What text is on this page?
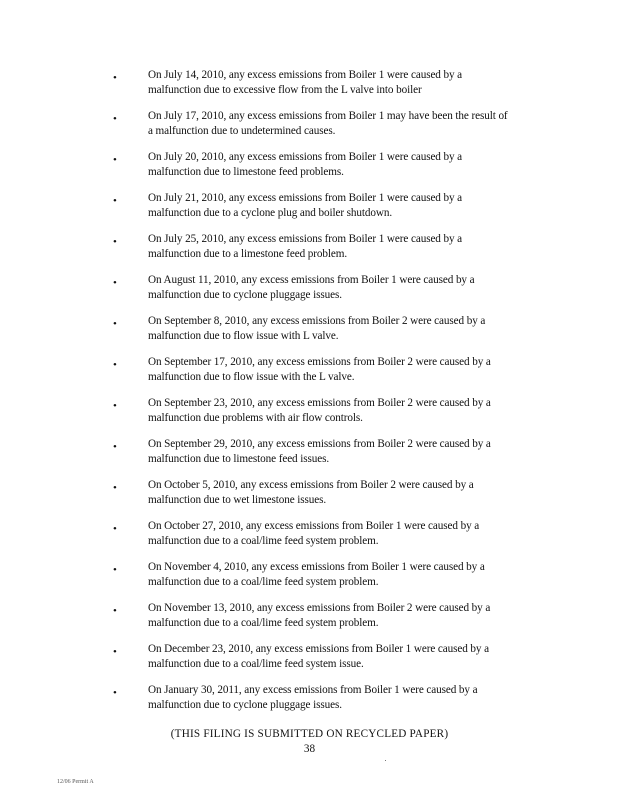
•	On July 14, 2010, any excess emissions from Boiler 1 were caused by a
malfunction due to excessive flow from the L valve into boiler
•	On July 17, 2010, any excess emissions from Boiler 1 may have been the result of
a malfunction due to undetermined causes.
•	On July 20, 2010, any excess emissions from Boiler 1 were caused by a
malfunction due to limestone feed problems.
•	On July 21, 2010, any excess emissions from Boiler 1 were caused by a
malfunction due to a cyclone plug and boiler shutdown.
•	On July 25, 2010, any excess emissions from Boiler 1 were caused by a
malfunction due to a limestone feed problem.
•	On August 11, 2010, any excess emissions from Boiler 1 were caused by a
malfunction due to cyclone pluggage issues.
•	On September 8, 2010, any excess emissions from Boiler 2 were caused by a
malfunction due to flow issue with L valve.
•	On September 17, 2010, any excess emissions from Boiler 2 were caused by a
malfunction due to flow issue with the L valve.
•	On September 23, 2010, any excess emissions from Boiler 2 were caused by a
malfunction due problems with air flow controls.
•	On September 29, 2010, any excess emissions from Boiler 2 were caused by a
malfunction due to limestone feed issues.
•	On October 5, 2010, any excess emissions from Boiler 2 were caused by a
malfunction due to wet limestone issues.
•	On October 27, 2010, any excess emissions from Boiler 1 were caused by a
malfunction due to a coal/lime feed system problem.
•	On November 4, 2010, any excess emissions from Boiler 1 were caused by a
malfunction due to a coal/lime feed system problem.
•	On November 13, 2010, any excess emissions from Boiler 2 were caused by a
malfunction due to a coal/lime feed system problem.
•	On December 23, 2010, any excess emissions from Boiler 1 were caused by a
malfunction due to a coal/lime feed system issue.
•	On January 30, 2011, any excess emissions from Boiler 1 were caused by a
malfunction due to cyclone pluggage issues.
(THIS FILING IS SUBMITTED ON RECYCLED PAPER)
38
12/06 Permit A
